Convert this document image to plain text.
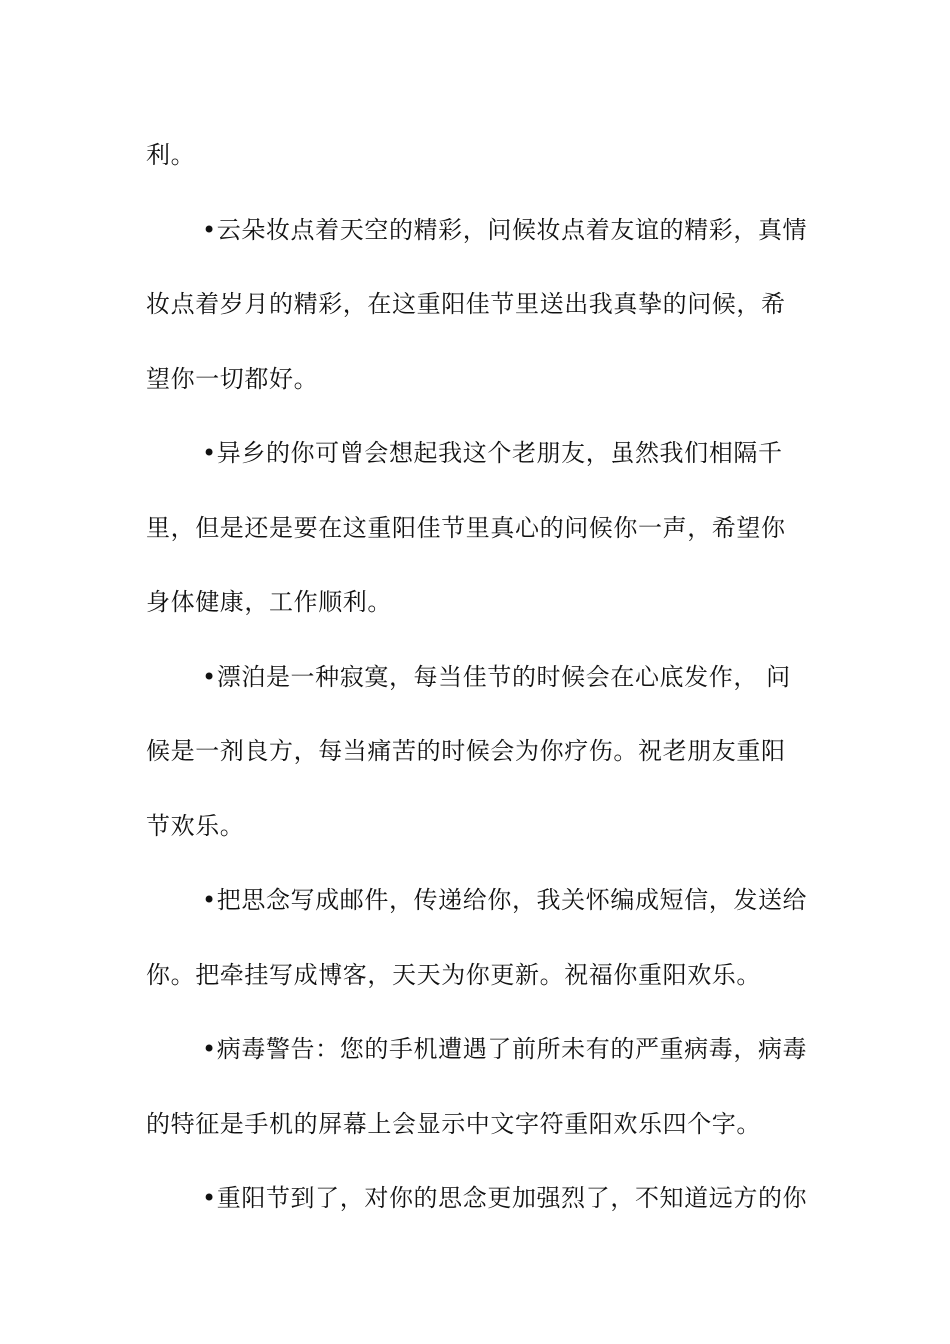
利。

•云朵妆点着天空的精彩，问候妆点着友谊的精彩，真情妆点着岁月的精彩，在这重阳佳节里送出我真挚的问候，希望你一切都好。

•异乡的你可曾会想起我这个老朋友，虽然我们相隔千里，但是还是要在这重阳佳节里真心的问候你一声，希望你身体健康，工作顺利。

•漂泊是一种寂寞，每当佳节的时候会在心底发作， 问候是一剂良方，每当痛苦的时候会为你疗伤。祝老朋友重阳节欢乐。

•把思念写成邮件，传递给你，我关怀编成短信，发送给你。把牵挂写成博客，天天为你更新。祝福你重阳欢乐。

•病毒警告：您的手机遭遇了前所未有的严重病毒，病毒的特征是手机的屏幕上会显示中文字符重阳欢乐四个字。

•重阳节到了，对你的思念更加强烈了，不知道远方的你
